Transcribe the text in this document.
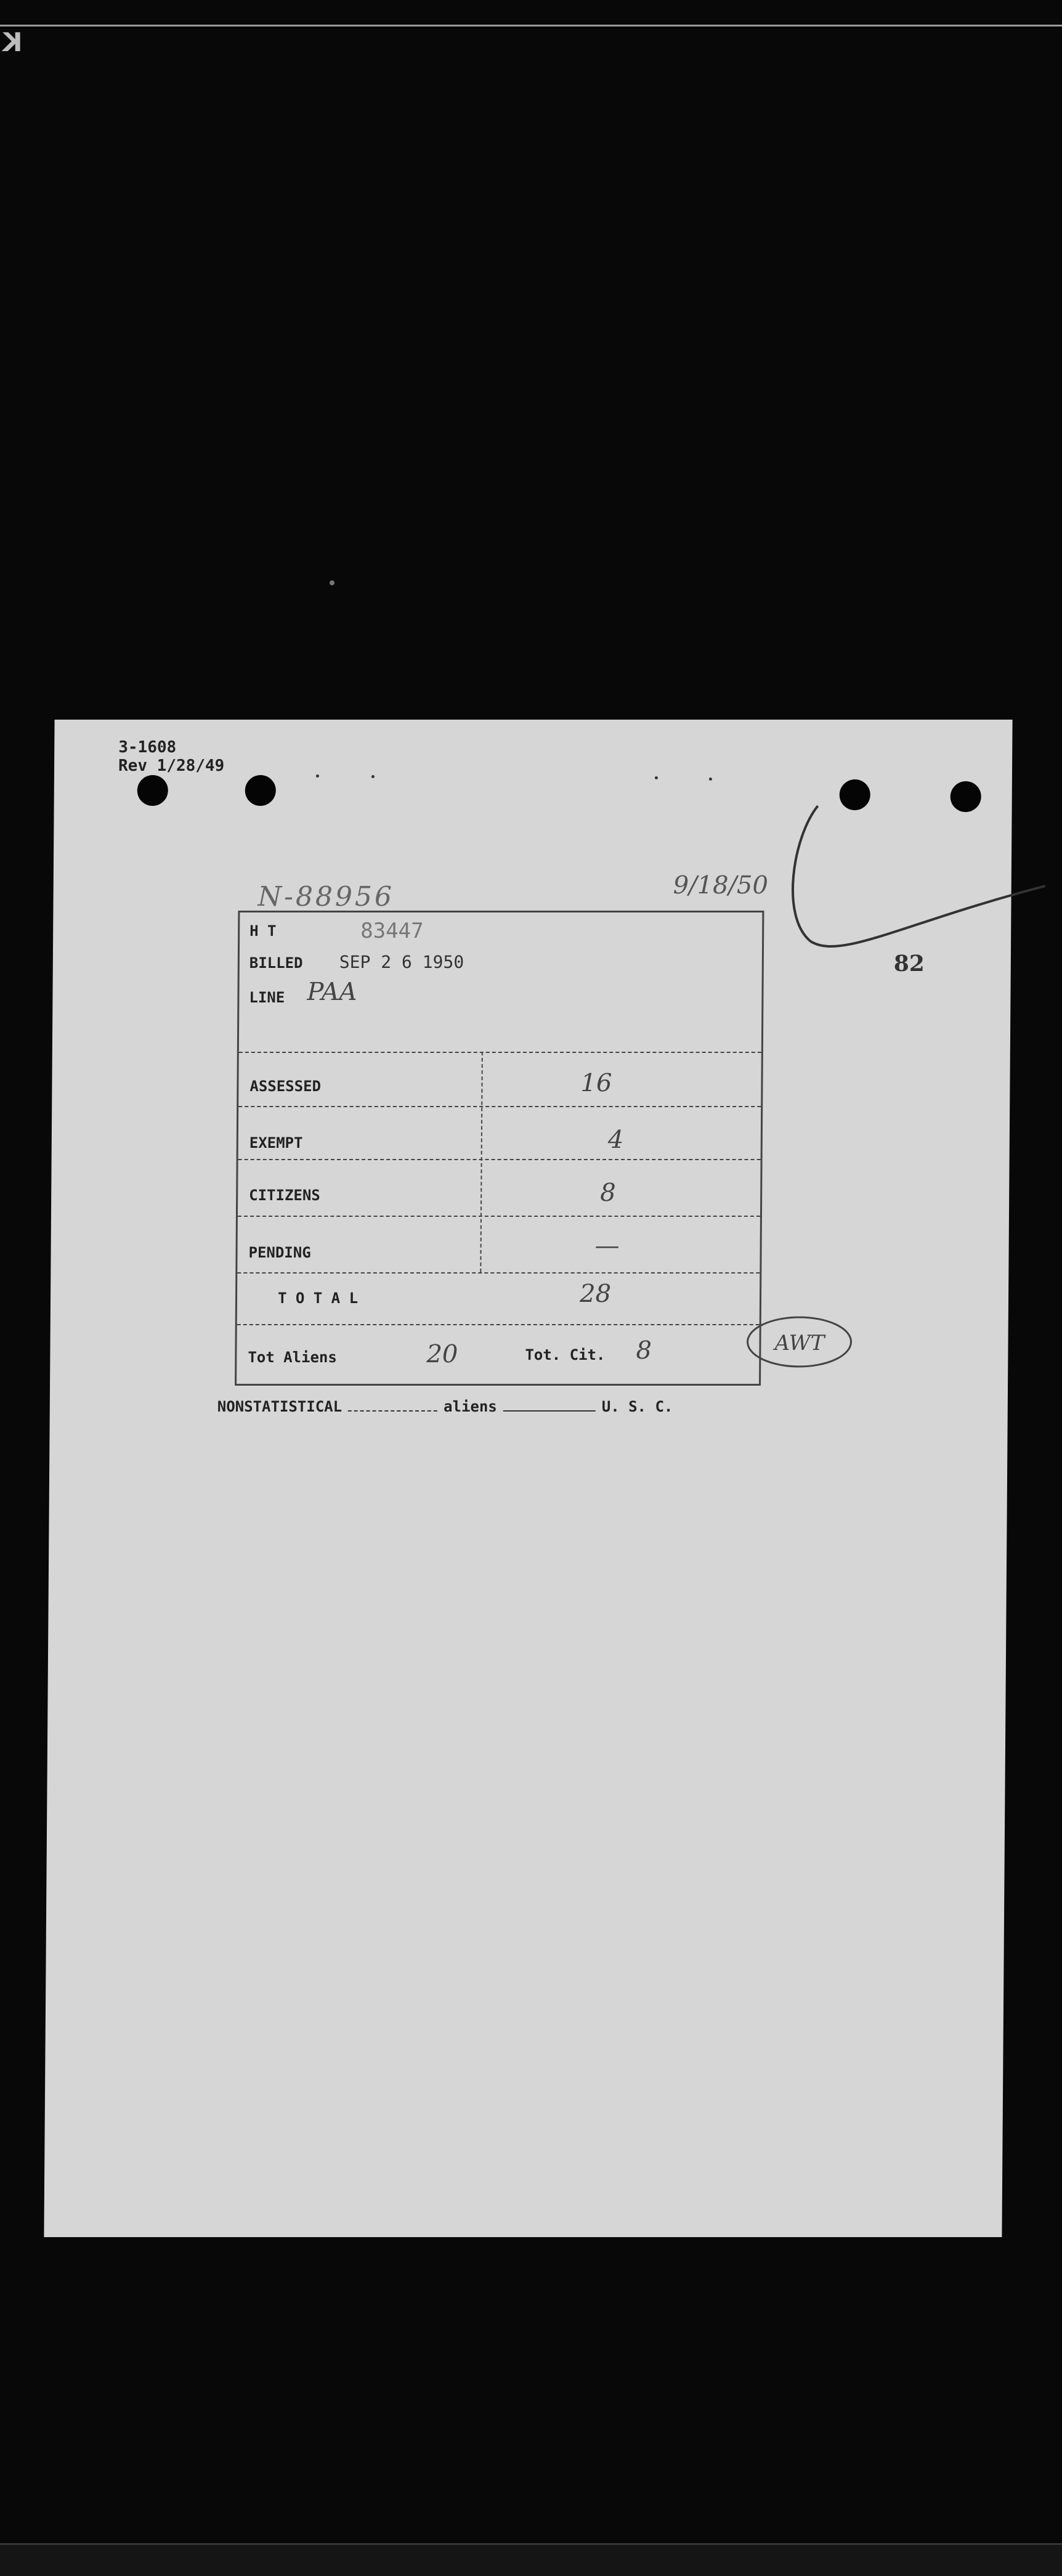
K
3-1608
Rev 1/28/49
N-88956	9/18/50
82
H T	83447
BILLED SEP 2 6 1950
LINE PAA
ASSESSED	16
EXEMPT	4
CITIZENS	8
PENDING	—
T O T A L	28
Tot Aliens	20	Tot. Cit. 8	AWT
NONSTATISTICAL	aliens	U. S. C.
